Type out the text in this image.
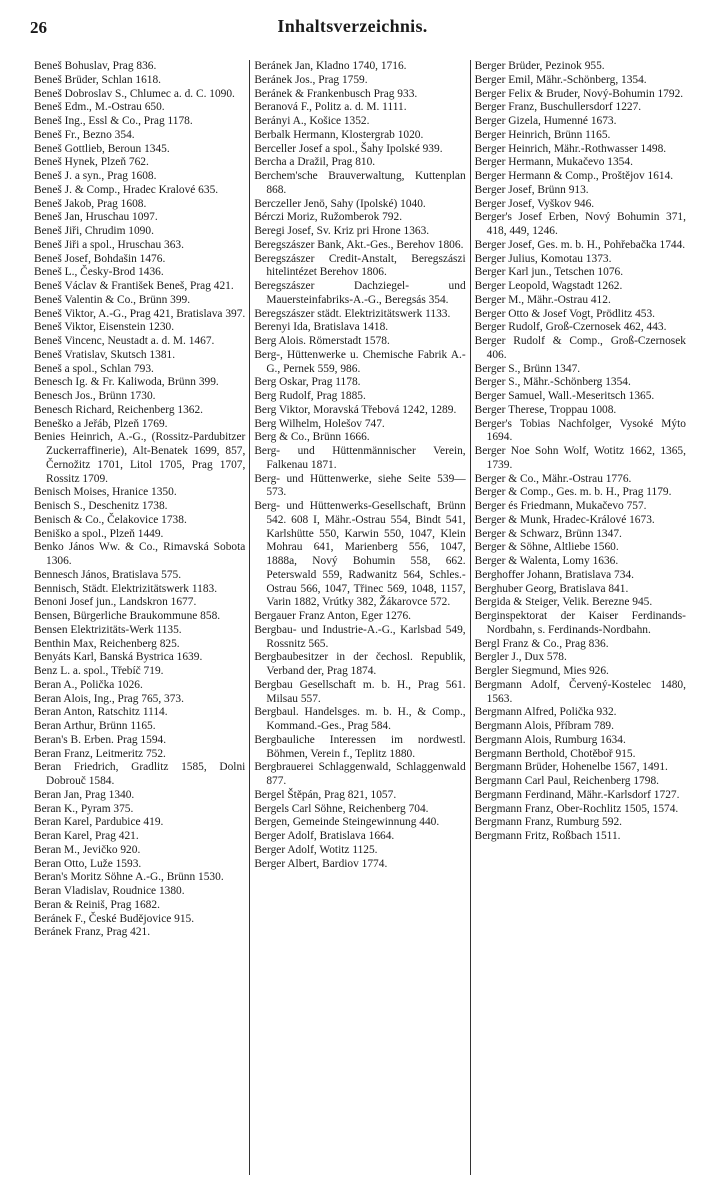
26	Inhaltsverzeichnis.
Beneš Bohuslav, Prag 836.
Beneš Brüder, Schlan 1618.
Beneš Dobroslav S., Chlumec a. d. C. 1090.
Beneš Edm., M.-Ostrau 650.
Beneš Ing., Essl & Co., Prag 1178.
Beneš Fr., Bezno 354.
Beneš Gottlieb, Beroun 1345.
Beneš Hynek, Plzeň 762.
Beneš J. a syn., Prag 1608.
Beneš J. & Comp., Hradec Kralové 635.
Beneš Jakob, Prag 1608.
Beneš Jan, Hruschau 1097.
Beneš Jiři, Chrudim 1090.
Beneš Jiři a spol., Hruschau 363.
Beneš Josef, Bohdašin 1476.
Beneš L., Česky-Brod 1436.
Beneš Václav & František Beneš, Prag 421.
Beneš Valentin & Co., Brünn 399.
Beneš Viktor, A.-G., Prag 421, Bratislava 397.
Beneš Viktor, Eisenstein 1230.
Beneš Vincenc, Neustadt a. d. M. 1467.
Beneš Vratislav, Skutsch 1381.
Beneš a spol., Schlan 793.
Benesch Ig. & Fr. Kaliwoda, Brünn 399.
Benesch Jos., Brünn 1730.
Benesch Richard, Reichenberg 1362.
Beneško a Jeřáb, Plzeň 1769.
Benies Heinrich, A.-G., (Rossitz-Pardubitzer Zuckerraffinerie), Alt-Benatek 1699, 857, Černožitz 1701, Litol 1705, Prag 1707, Rossitz 1709.
Benisch Moises, Hranice 1350.
Benisch S., Deschenitz 1738.
Benisch & Co., Čelakovice 1738.
Beniško a spol., Plzeň 1449.
Benko János Ww. & Co., Rimavská Sobota 1306.
Bennesch János, Bratislava 575.
Bennisch, Städt. Elektrizitätswerk 1183.
Benoni Josef jun., Landskron 1677.
Bensen, Bürgerliche Braukommune 858.
Bensen Elektrizitäts-Werk 1135.
Benthin Max, Reichenberg 825.
Benyáts Karl, Banská Bystrica 1639.
Benz L. a. spol., Třebíč 719.
Beran A., Polička 1026.
Beran Alois, Ing., Prag 765, 373.
Beran Anton, Ratschitz 1114.
Beran Arthur, Brünn 1165.
Beran's B. Erben. Prag 1594.
Beran Franz, Leitmeritz 752.
Beran Friedrich, Gradlitz 1585, Dolni Dobrouč 1584.
Beran Jan, Prag 1340.
Beran K., Pyram 375.
Beran Karel, Pardubice 419.
Beran Karel, Prag 421.
Beran M., Jevičko 920.
Beran Otto, Luže 1593.
Beran's Moritz Söhne A.-G., Brünn 1530.
Beran Vladislav, Roudnice 1380.
Beran & Reiniš, Prag 1682.
Beránek F., České Budějovice 915.
Beránek Franz, Prag 421.
Beránek Jan, Kladno 1740, 1716.
Beránek Jos., Prag 1759.
Beránek & Frankenbusch Prag 933.
Beranová F., Politz a. d. M. 1111.
Berányi A., Košice 1352.
Berbalk Hermann, Klostergrab 1020.
Berceller Josef a spol., Šahy Ipolské 939.
Bercha a Dražil, Prag 810.
Berchem'sche Brauverwaltung, Kuttenplan 868.
Berczeller Jenö, Sahy (Ipolské) 1040.
Bérczi Moriz, Ružomberok 792.
Beregi Josef, Sv. Kriz pri Hrone 1363.
Beregszászer Bank, Akt.-Ges., Berehov 1806.
Beregszászer Credit-Anstalt, Beregszászi hitelintézet Berehov 1806.
Beregszászer Dachziegel- und Mauersteinfabriks-A.-G., Beregsás 354.
Beregszászer städt. Elektrizitätswerk 1133.
Berenyi Ida, Bratislava 1418.
Berg Alois. Römerstadt 1578.
Berg-, Hüttenwerke u. Chemische Fabrik A.-G., Pernek 559, 986.
Berg Oskar, Prag 1178.
Berg Rudolf, Prag 1885.
Berg Viktor, Moravská Třebová 1242, 1289.
Berg Wilhelm, Holešov 747.
Berg & Co., Brünn 1666.
Berg- und Hüttenmännischer Verein, Falkenau 1871.
Berg- und Hüttenwerke, siehe Seite 539—573.
Berg- und Hüttenwerks-Gesellschaft, Brünn 542. 608 I, Mähr.-Ostrau 554, Bindt 541, Karlshütte 550, Karwin 550, 1047, Klein Mohrau 641, Marienberg 556, 1047, 1888a, Nový Bohumin 558, 662. Peterswald 559, Radwanitz 564, Schles.-Ostrau 566, 1047, Třinec 569, 1048, 1157, Varin 1882, Vrútky 382, Žákarovce 572.
Bergauer Franz Anton, Eger 1276.
Bergbau- und Industrie-A.-G., Karlsbad 549, Rossnitz 565.
Bergbaubesitzer in der čechosl. Republik, Verband der, Prag 1874.
Bergbau Gesellschaft m. b. H., Prag 561. Milsau 557.
Bergbaul. Handelsges. m. b. H., & Comp., Kommand.-Ges., Prag 584.
Bergbauliche Interessen im nordwestl. Böhmen, Verein f., Teplitz 1880.
Bergbrauerei Schlaggenwald, Schlaggenwald 877.
Bergel Štěpán, Prag 821, 1057.
Bergels Carl Söhne, Reichenberg 704.
Bergen, Gemeinde Steingewinnung 440.
Berger Adolf, Bratislava 1664.
Berger Adolf, Wotitz 1125.
Berger Albert, Bardiov 1774.
Berger Brüder, Pezinok 955.
Berger Emil, Mähr.-Schönberg, 1354.
Berger Felix & Bruder, Nový-Bohumin 1792.
Berger Franz, Buschullersdorf 1227.
Berger Gizela, Humenné 1673.
Berger Heinrich, Brünn 1165.
Berger Heinrich, Mähr.-Rothwasser 1498.
Berger Hermann, Mukačevo 1354.
Berger Hermann & Comp., Proštějov 1614.
Berger Josef, Brünn 913.
Berger Josef, Vyškov 946.
Berger's Josef Erben, Nový Bohumin 371, 418, 449, 1246.
Berger Josef, Ges. m. b. H., Pohřebačka 1744.
Berger Julius, Komotau 1373.
Berger Karl jun., Tetschen 1076.
Berger Leopold, Wagstadt 1262.
Berger M., Mähr.-Ostrau 412.
Berger Otto & Josef Vogt, Prödlitz 453.
Berger Rudolf, Groß-Czernosek 462, 443.
Berger Rudolf & Comp., Groß-Czernosek 406.
Berger S., Brünn 1347.
Berger S., Mähr.-Schönberg 1354.
Berger Samuel, Wall.-Meseritsch 1365.
Berger Therese, Troppau 1008.
Berger's Tobias Nachfolger, Vysoké Mýto 1694.
Berger Noe Sohn Wolf, Wotitz 1662, 1365, 1739.
Berger & Co., Mähr.-Ostrau 1776.
Berger & Comp., Ges. m. b. H., Prag 1179.
Berger és Friedmann, Mukačevo 757.
Berger & Munk, Hradec-Králové 1673.
Berger & Schwarz, Brünn 1347.
Berger & Söhne, Altliebe 1560.
Berger & Walenta, Lomy 1636.
Berghoffer Johann, Bratislava 734.
Berghuber Georg, Bratislava 841.
Bergida & Steiger, Velik. Berezne 945.
Berginspektorat der Kaiser Ferdinands-Nordbahn, s. Ferdinands-Nordbahn.
Bergl Franz & Co., Prag 836.
Bergler J., Dux 578.
Bergler Siegmund, Mies 926.
Bergmann Adolf, Červený-Kostelec 1480, 1563.
Bergmann Alfred, Polička 932.
Bergmann Alois, Příbram 789.
Bergmann Alois, Rumburg 1634.
Bergmann Berthold, Chotěboř 915.
Bergmann Brüder, Hohenelbe 1567, 1491.
Bergmann Carl Paul, Reichenberg 1798.
Bergmann Ferdinand, Mähr.-Karlsdorf 1727.
Bergmann Franz, Ober-Rochlitz 1505, 1574.
Bergmann Franz, Rumburg 592.
Bergmann Fritz, Roßbach 1511.
